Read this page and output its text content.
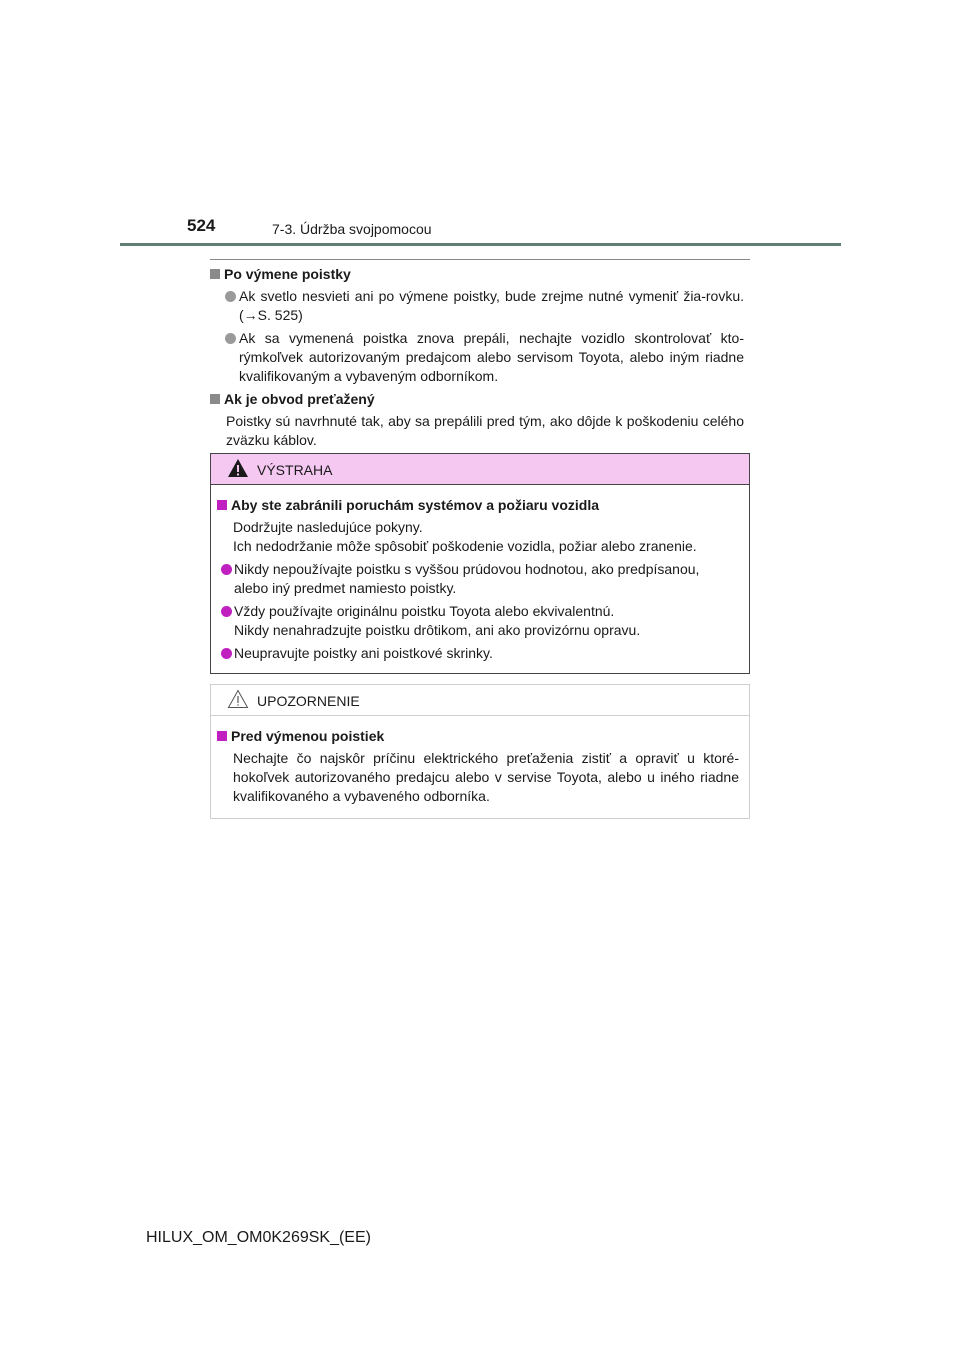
524	7-3. Údržba svojpomocou
Po výmene poistky
Ak svetlo nesvieti ani po výmene poistky, bude zrejme nutné vymeniť žia-rovku. (→S. 525)
Ak sa vymenená poistka znova prepáli, nechajte vozidlo skontrolovať kto-rýmkoľvek autorizovaným predajcom alebo servisom Toyota, alebo iným riadne kvalifikovaným a vybaveným odborníkom.
Ak je obvod preťažený
Poistky sú navrhnuté tak, aby sa prepálili pred tým, ako dôjde k poškodeniu celého zväzku káblov.
VÝSTRAHA
Aby ste zabránili poruchám systémov a požiaru vozidla
Dodržujte nasledujúce pokyny.
Ich nedodržanie môže spôsobiť poškodenie vozidla, požiar alebo zranenie.
Nikdy nepoužívajte poistku s vyššou prúdovou hodnotou, ako predpísanou,
alebo iný predmet namiesto poistky.
Vždy používajte originálnu poistku Toyota alebo ekvivalentnú.
Nikdy nenahradzujte poistku drôtikom, ani ako provizórnu opravu.
Neupravujte poistky ani poistkové skrinky.
UPOZORNENIE
Pred výmenou poistiek
Nechajte čo najskôr príčinu elektrického preťaženia zistiť a opraviť u ktoré-hokoľvek autorizovaného predajcu alebo v servise Toyota, alebo u iného riadne kvalifikovaného a vybaveného odborníka.
HILUX_OM_OM0K269SK_(EE)
